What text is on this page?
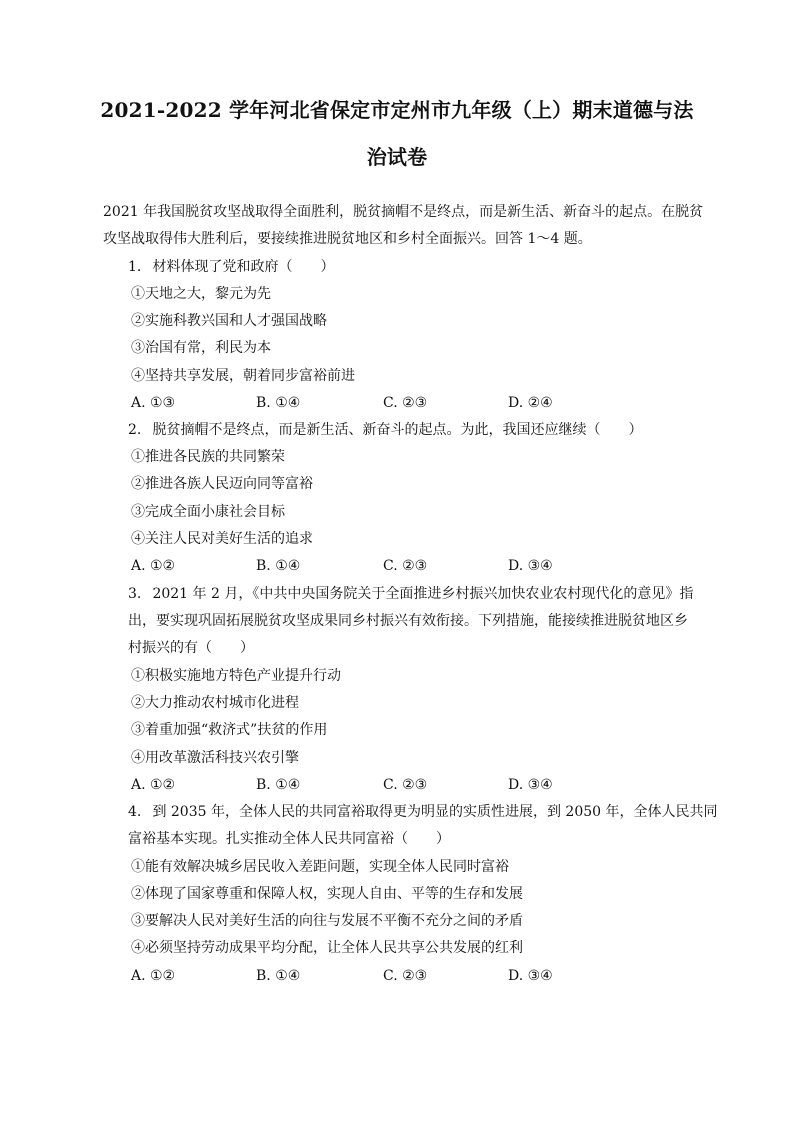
2021-2022 学年河北省保定市定州市九年级（上）期末道德与法
治试卷
2021 年我国脱贫攻坚战取得全面胜利，脱贫摘帽不是终点，而是新生活、新奋斗的起点。在脱贫
攻坚战取得伟大胜利后，要接续推进脱贫地区和乡村全面振兴。回答 1～4 题。
1. 材料体现了党和政府（　　）
①天地之大，黎元为先
②实施科教兴国和人才强国战略
③治国有常，利民为本
④坚持共享发展，朝着同步富裕前进
A. ①③	B. ①④	C. ②③	D. ②④
2. 脱贫摘帽不是终点，而是新生活、新奋斗的起点。为此，我国还应继续（　　）
①推进各民族的共同繁荣
②推进各族人民迈向同等富裕
③完成全面小康社会目标
④关注人民对美好生活的追求
A. ①②	B. ①④	C. ②③	D. ③④
3. 2021 年 2 月，《中共中央国务院关于全面推进乡村振兴加快农业农村现代化的意见》指
出，要实现巩固拓展脱贫攻坚成果同乡村振兴有效衔接。下列措施，能接续推进脱贫地区乡
村振兴的有（　　）
①积极实施地方特色产业提升行动
②大力推动农村城市化进程
③着重加强“救济式”扶贫的作用
④用改革激活科技兴农引擎
A. ①②	B. ①④	C. ②③	D. ③④
4. 到 2035 年，全体人民的共同富裕取得更为明显的实质性进展，到 2050 年，全体人民共同
富裕基本实现。扎实推动全体人民共同富裕（　　）
①能有效解决城乡居民收入差距问题，实现全体人民同时富裕
②体现了国家尊重和保障人权，实现人自由、平等的生存和发展
③要解决人民对美好生活的向往与发展不平衡不充分之间的矛盾
④必须坚持劳动成果平均分配，让全体人民共享公共发展的红利
A. ①②	B. ①④	C. ②③	D. ③④
